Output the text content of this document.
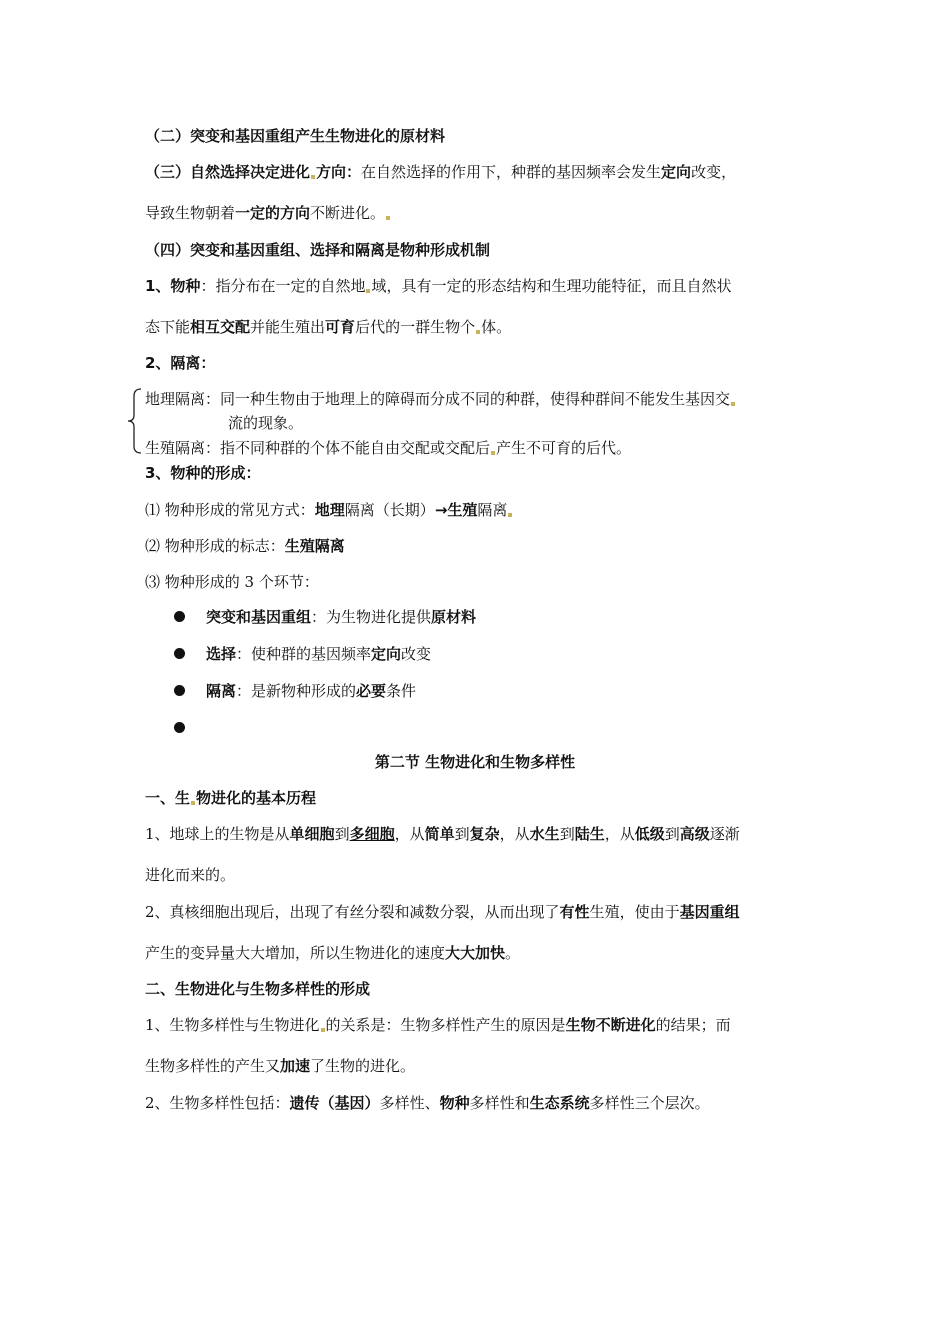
（二）突变和基因重组产生生物进化的原材料
（三）自然选择决定进化 方向：在自然选择的作用下，种群的基因频率会发生定向改变，
导致生物朝着一定的方向不断进化。
（四）突变和基因重组、选择和隔离是物种形成机制
1、物种：指分布在一定的自然地 域，具有一定的形态结构和生理功能特征，而且自然状
态下能相互交配并能生殖出可育后代的一群生物个 体。
2、隔离：
地理隔离：同一种生物由于地理上的障碍而分成不同的种群，使得种群间不能发生基因交
流的现象。
生殖隔离：指不同种群的个体不能自由交配或交配后 产生不可育的后代。
3、物种的形成：
⑴ 物种形成的常见方式：地理隔离（长期）→生殖隔离
⑵ 物种形成的标志：生殖隔离
⑶ 物种形成的 3 个环节：
突变和基因重组：为生物进化提供原材料
选择：使种群的基因频率定向改变
隔离：是新物种形成的必要条件
第二节 生物进化和生物多样性
一、生 物进化的基本历程
1、地球上的生物是从单细胞到多细胞，从简单到复杂，从水生到陆生，从低级到高级逐渐
进化而来的。
2、真核细胞出现后，出现了有丝分裂和减数分裂，从而出现了有性生殖，使由于基因重组
产生的变异量大大增加，所以生物进化的速度大大加快。
二、生物进化与生物多样性的形成
1、生物多样性与生物进化 的关系是：生物多样性产生的原因是生物不断进化的结果；而
生物多样性的产生又加速了生物的进化。
2、生物多样性包括：遗传（基因）多样性、物种多样性和生态系统多样性三个层次。
